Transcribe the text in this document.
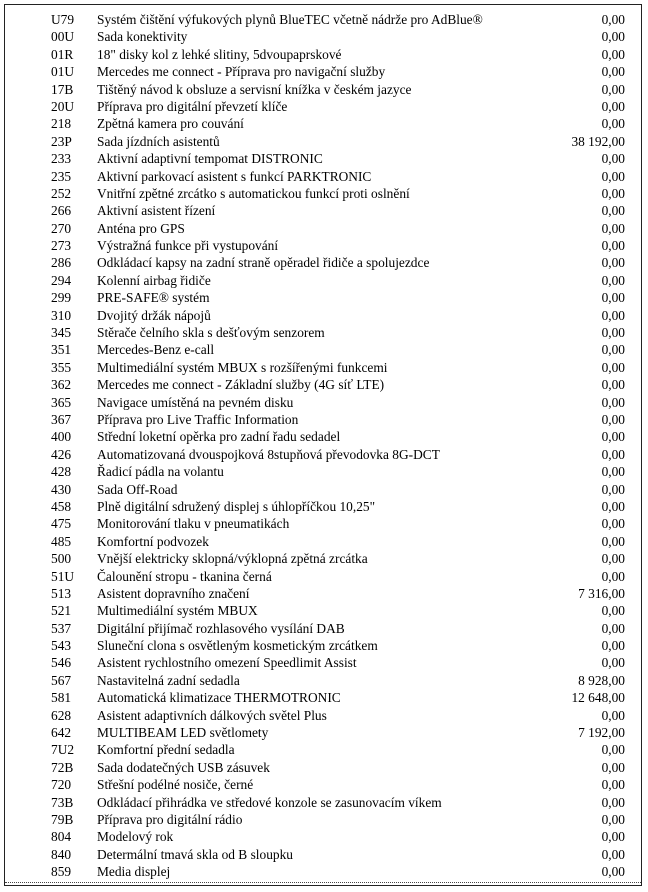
U79 Systém čištění výfukových plynů BlueTEC včetně nádrže pro AdBlue®	0,00
00U Sada konektivity	0,00
01R 18" disky kol z lehké slitiny, 5dvoupaprskové	0,00
01U Mercedes me connect - Příprava pro navigační služby	0,00
17B Tištěný návod k obsluze a servisní knížka v českém jazyce	0,00
20U Příprava pro digitální převzetí klíče	0,00
218 Zpětná kamera pro couvání	0,00
23P Sada jízdních asistentů	38 192,00
233 Aktivní adaptivní tempomat DISTRONIC	0,00
235 Aktivní parkovací asistent s funkcí PARKTRONIC	0,00
252 Vnitřní zpětné zrcátko s automatickou funkcí proti oslnění	0,00
266 Aktivní asistent řízení	0,00
270 Anténa pro GPS	0,00
273 Výstražná funkce při vystupování	0,00
286 Odkládací kapsy na zadní straně opěradel řidiče a spolujezdce	0,00
294 Kolenní airbag řidiče	0,00
299 PRE-SAFE® systém	0,00
310 Dvojitý držák nápojů	0,00
345 Stěrače čelního skla s dešťovým senzorem	0,00
351 Mercedes-Benz e-call	0,00
355 Multimediální systém MBUX s rozšířenými funkcemi	0,00
362 Mercedes me connect - Základní služby (4G síť LTE)	0,00
365 Navigace umístěná na pevném disku	0,00
367 Příprava pro Live Traffic Information	0,00
400 Střední loketní opěrka pro zadní řadu sedadel	0,00
426 Automatizovaná dvouspojková 8stupňová převodovka 8G-DCT	0,00
428 Řadicí pádla na volantu	0,00
430 Sada Off-Road	0,00
458 Plně digitální sdružený displej s úhlopříčkou 10,25"	0,00
475 Monitorování tlaku v pneumatikách	0,00
485 Komfortní podvozek	0,00
500 Vnější elektricky sklopná/výklopná zpětná zrcátka	0,00
51U Čalounění stropu - tkanina černá	0,00
513 Asistent dopravního značení	7 316,00
521 Multimediální systém MBUX	0,00
537 Digitální přijímač rozhlasového vysílání DAB	0,00
543 Sluneční clona s osvětleným kosmetickým zrcátkem	0,00
546 Asistent rychlostního omezení Speedlimit Assist	0,00
567 Nastavitelná zadní sedadla	8 928,00
581 Automatická klimatizace THERMOTRONIC	12 648,00
628 Asistent adaptivních dálkových světel Plus	0,00
642 MULTIBEAM LED světlomety	7 192,00
7U2 Komfortní přední sedadla	0,00
72B Sada dodatečných USB zásuvek	0,00
720 Střešní podélné nosiče, černé	0,00
73B Odkládací přihrádka ve středové konzole se zasunovacím víkem	0,00
79B Příprava pro digitální rádio	0,00
804 Modelový rok	0,00
840 Determální tmavá skla od B sloupku	0,00
859 Media displej	0,00
